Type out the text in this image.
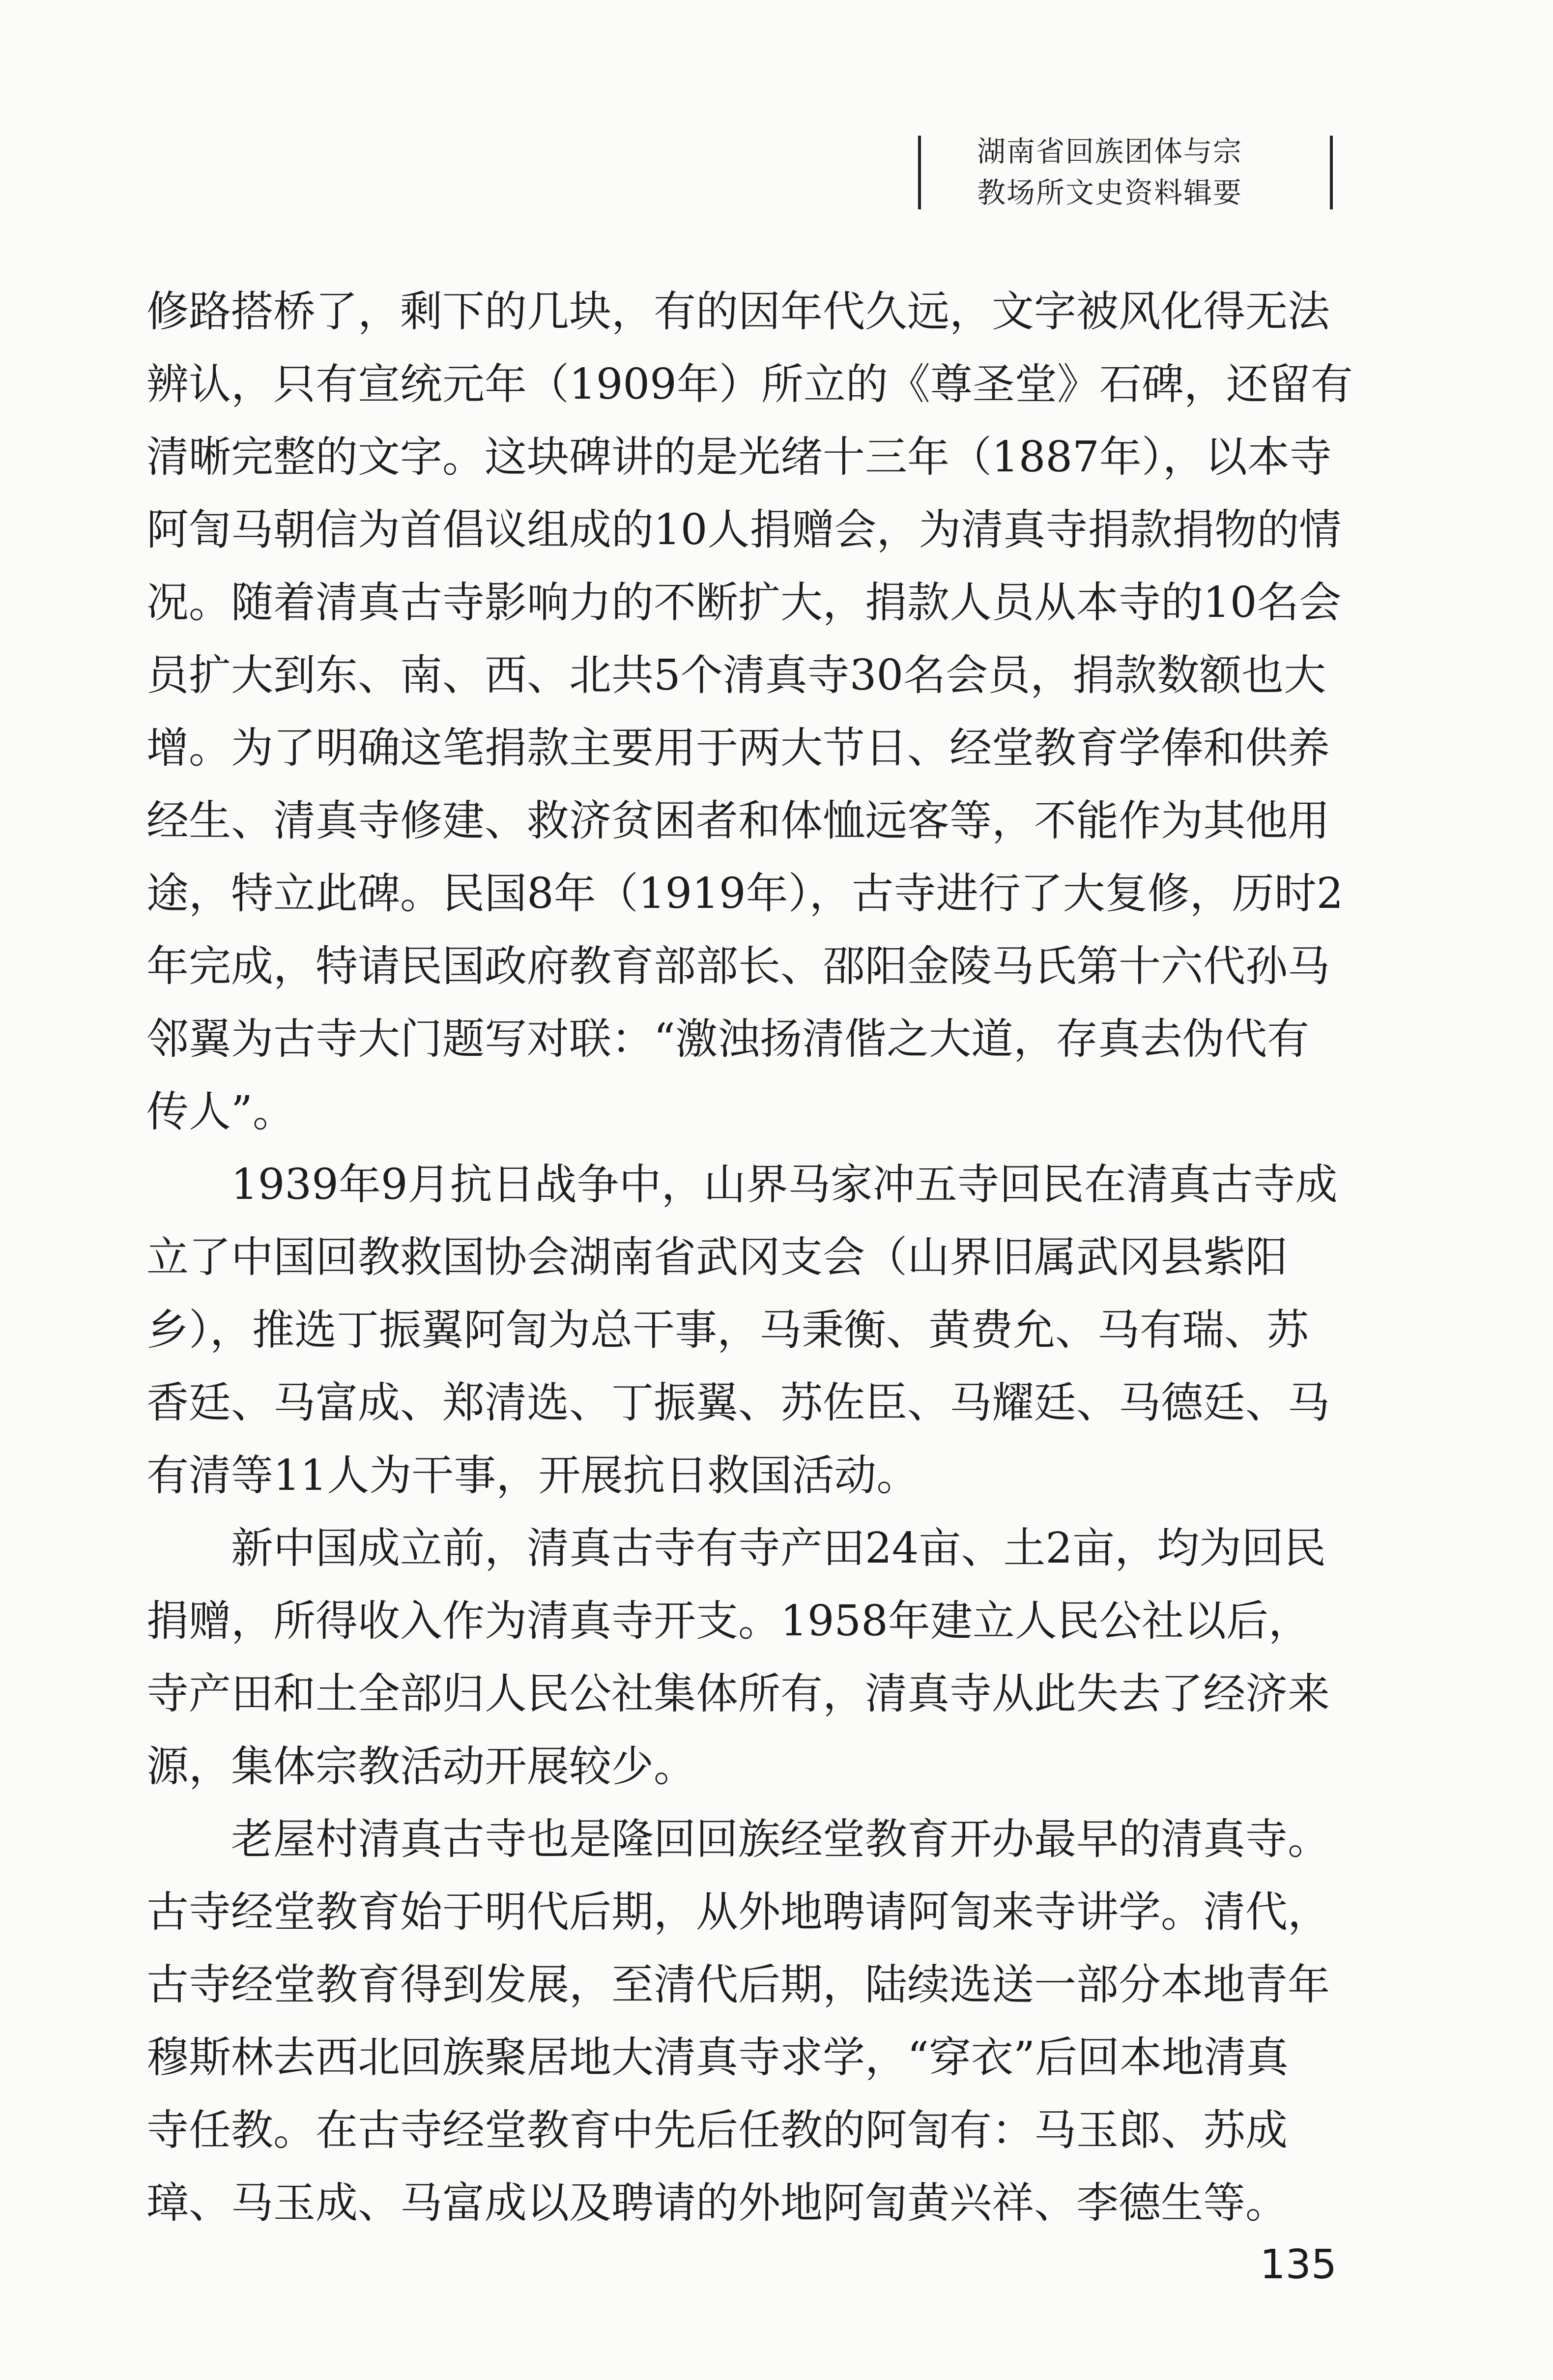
湖南省回族团体与宗
教场所文史资料辑要
修路搭桥了，剩下的几块，有的因年代久远，文字被风化得无法
辨认，只有宣统元年（1909年）所立的《尊圣堂》石碑，还留有
清晰完整的文字。这块碑讲的是光绪十三年（1887年），以本寺
阿訇马朝信为首倡议组成的10人捐赠会，为清真寺捐款捐物的情
况。随着清真古寺影响力的不断扩大，捐款人员从本寺的10名会
员扩大到东、南、西、北共5个清真寺30名会员，捐款数额也大
增。为了明确这笔捐款主要用于两大节日、经堂教育学俸和供养
经生、清真寺修建、救济贫困者和体恤远客等，不能作为其他用
途，特立此碑。民国8年（1919年），古寺进行了大复修，历时2
年完成，特请民国政府教育部部长、邵阳金陵马氏第十六代孙马
邻翼为古寺大门题写对联：“激浊扬清偕之大道，存真去伪代有
传人”。
1939年9月抗日战争中，山界马家冲五寺回民在清真古寺成
立了中国回教救国协会湖南省武冈支会（山界旧属武冈县紫阳
乡），推选丁振翼阿訇为总干事，马秉衡、黄费允、马有瑞、苏
香廷、马富成、郑清选、丁振翼、苏佐臣、马耀廷、马德廷、马
有清等11人为干事，开展抗日救国活动。
新中国成立前，清真古寺有寺产田24亩、土2亩，均为回民
捐赠，所得收入作为清真寺开支。1958年建立人民公社以后，
寺产田和土全部归人民公社集体所有，清真寺从此失去了经济来
源，集体宗教活动开展较少。
老屋村清真古寺也是隆回回族经堂教育开办最早的清真寺。
古寺经堂教育始于明代后期，从外地聘请阿訇来寺讲学。清代，
古寺经堂教育得到发展，至清代后期，陆续选送一部分本地青年
穆斯林去西北回族聚居地大清真寺求学，“穿衣”后回本地清真
寺任教。在古寺经堂教育中先后任教的阿訇有：马玉郎、苏成
璋、马玉成、马富成以及聘请的外地阿訇黄兴祥、李德生等。
135
